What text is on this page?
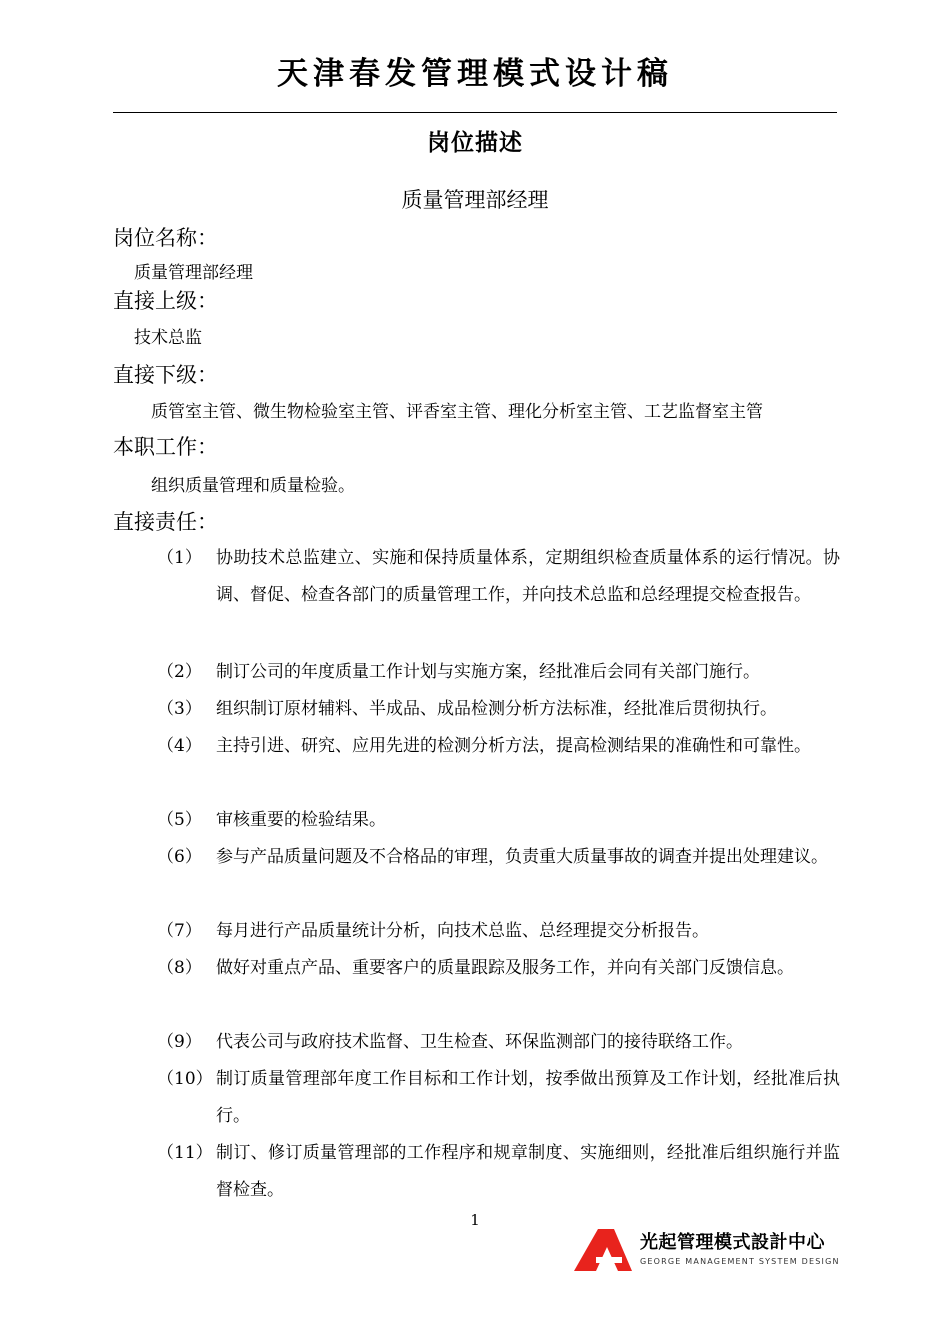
天津春发管理模式设计稿
岗位描述
质量管理部经理
岗位名称：
质量管理部经理
直接上级：
技术总监
直接下级：
质管室主管、微生物检验室主管、评香室主管、理化分析室主管、工艺监督室主管
本职工作：
组织质量管理和质量检验。
直接责任：
（1） 协助技术总监建立、实施和保持质量体系，定期组织检查质量体系的运行情况。协调、督促、检查各部门的质量管理工作，并向技术总监和总经理提交检查报告。
（2） 制订公司的年度质量工作计划与实施方案，经批准后会同有关部门施行。
（3） 组织制订原材辅料、半成品、成品检测分析方法标准，经批准后贯彻执行。
（4） 主持引进、研究、应用先进的检测分析方法，提高检测结果的准确性和可靠性。
（5） 审核重要的检验结果。
（6） 参与产品质量问题及不合格品的审理，负责重大质量事故的调查并提出处理建议。
（7） 每月进行产品质量统计分析，向技术总监、总经理提交分析报告。
（8） 做好对重点产品、重要客户的质量跟踪及服务工作，并向有关部门反馈信息。
（9） 代表公司与政府技术监督、卫生检查、环保监测部门的接待联络工作。
（10） 制订质量管理部年度工作目标和工作计划，按季做出预算及工作计划，经批准后执行。
（11） 制订、修订质量管理部的工作程序和规章制度、实施细则，经批准后组织施行并监督检查。
1
光起管理模式設計中心
GEORGE MANAGEMENT SYSTEM DESIGN
